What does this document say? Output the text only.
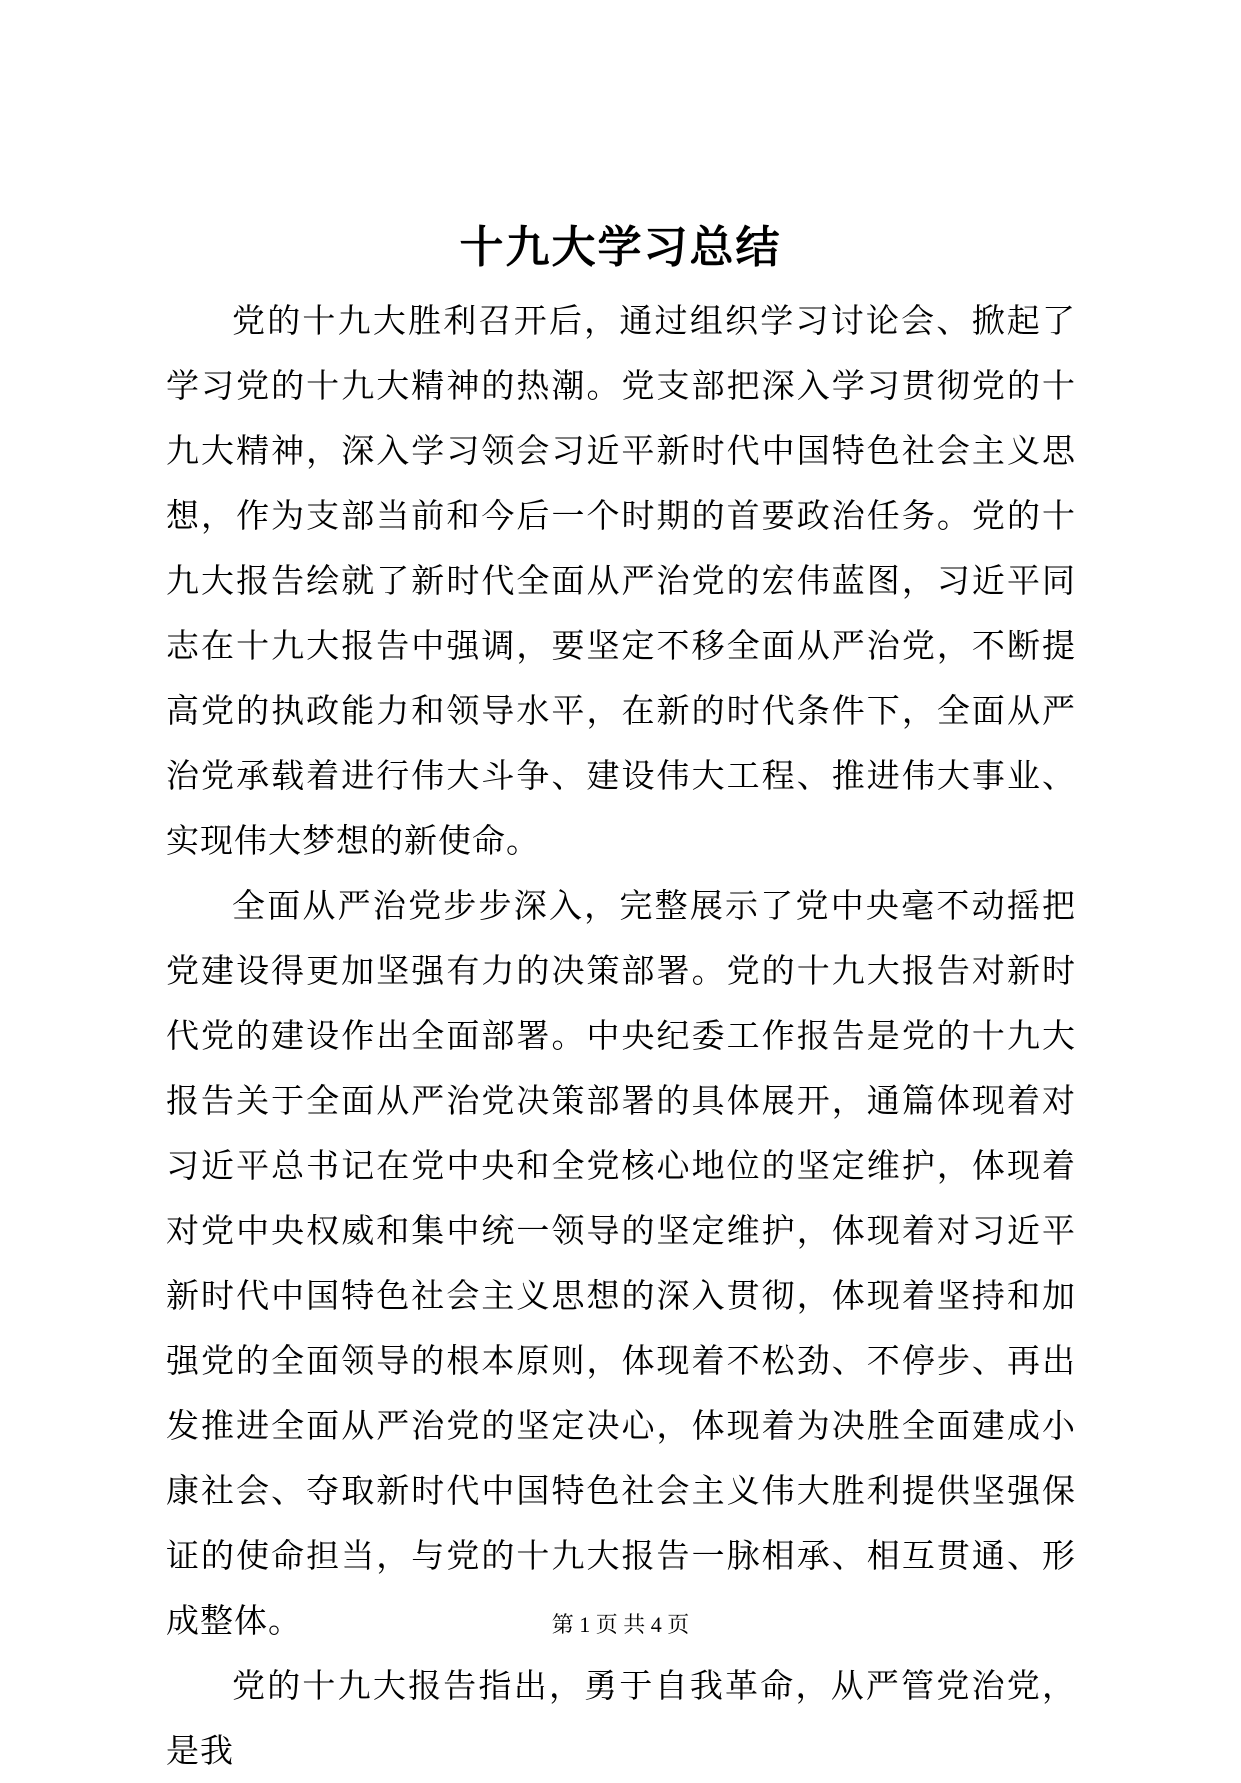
十九大学习总结

党的十九大胜利召开后，通过组织学习讨论会、掀起了学习党的十九大精神的热潮。党支部把深入学习贯彻党的十九大精神，深入学习领会习近平新时代中国特色社会主义思想，作为支部当前和今后一个时期的首要政治任务。党的十九大报告绘就了新时代全面从严治党的宏伟蓝图，习近平同志在十九大报告中强调，要坚定不移全面从严治党，不断提高党的执政能力和领导水平，在新的时代条件下，全面从严治党承载着进行伟大斗争、建设伟大工程、推进伟大事业、实现伟大梦想的新使命。

全面从严治党步步深入，完整展示了党中央毫不动摇把党建设得更加坚强有力的决策部署。党的十九大报告对新时代党的建设作出全面部署。中央纪委工作报告是党的十九大报告关于全面从严治党决策部署的具体展开，通篇体现着对习近平总书记在党中央和全党核心地位的坚定维护，体现着对党中央权威和集中统一领导的坚定维护，体现着对习近平新时代中国特色社会主义思想的深入贯彻，体现着坚持和加强党的全面领导的根本原则，体现着不松劲、不停步、再出发推进全面从严治党的坚定决心，体现着为决胜全面建成小康社会、夺取新时代中国特色社会主义伟大胜利提供坚强保证的使命担当，与党的十九大报告一脉相承、相互贯通、形成整体。

党的十九大报告指出，勇于自我革命，从严管党治党，是我

第 1 页 共 4 页
